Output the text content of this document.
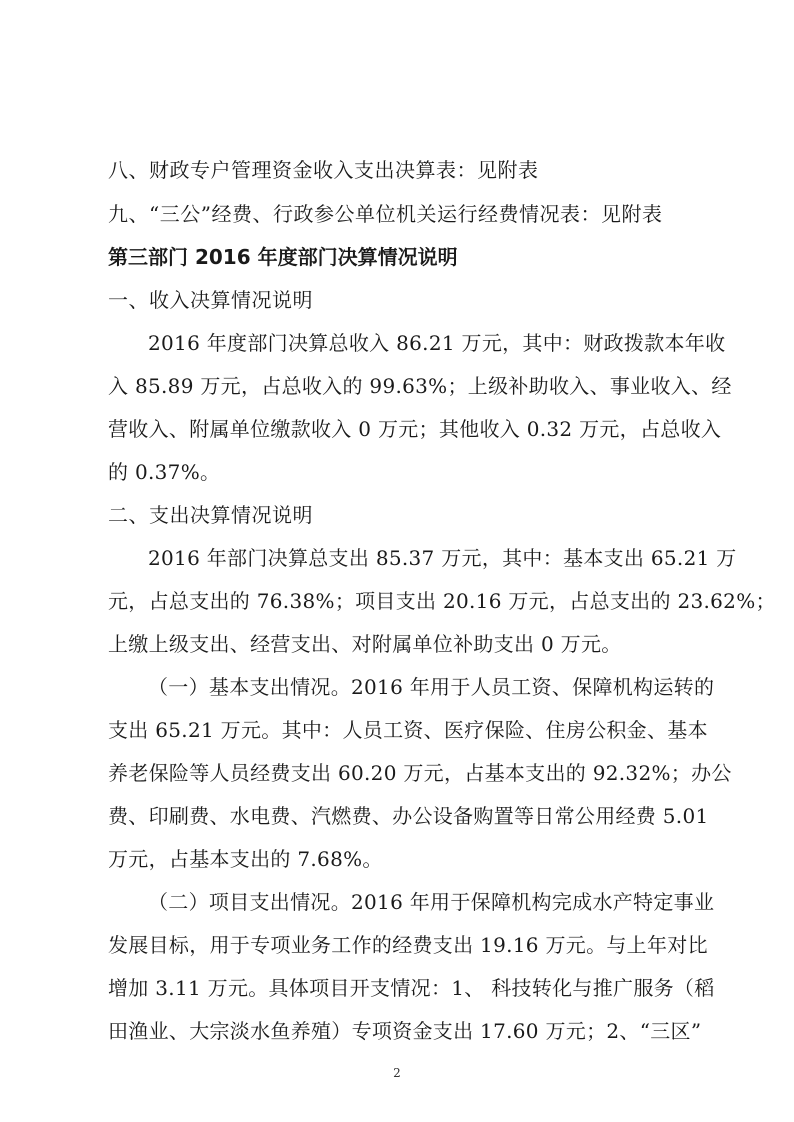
八、财政专户管理资金收入支出决算表：见附表
九、“三公”经费、行政参公单位机关运行经费情况表：见附表
第三部门 2016 年度部门决算情况说明
一、收入决算情况说明
2016 年度部门决算总收入 86.21 万元，其中：财政拨款本年收
入 85.89 万元，占总收入的 99.63%；上级补助收入、事业收入、经
营收入、附属单位缴款收入 0 万元；其他收入 0.32 万元，占总收入
的 0.37%。
二、支出决算情况说明
2016 年部门决算总支出 85.37 万元，其中：基本支出 65.21 万
元，占总支出的 76.38%；项目支出 20.16 万元，占总支出的 23.62%；
上缴上级支出、经营支出、对附属单位补助支出 0 万元。
（一）基本支出情况。2016 年用于人员工资、保障机构运转的
支出 65.21 万元。其中：人员工资、医疗保险、住房公积金、基本
养老保险等人员经费支出 60.20 万元，占基本支出的 92.32%；办公
费、印刷费、水电费、汽燃费、办公设备购置等日常公用经费 5.01
万元，占基本支出的 7.68%。
（二）项目支出情况。2016 年用于保障机构完成水产特定事业
发展目标，用于专项业务工作的经费支出 19.16 万元。与上年对比
增加 3.11 万元。具体项目开支情况：1、 科技转化与推广服务（稻
田渔业、大宗淡水鱼养殖）专项资金支出 17.60 万元；2、“三区”
2
